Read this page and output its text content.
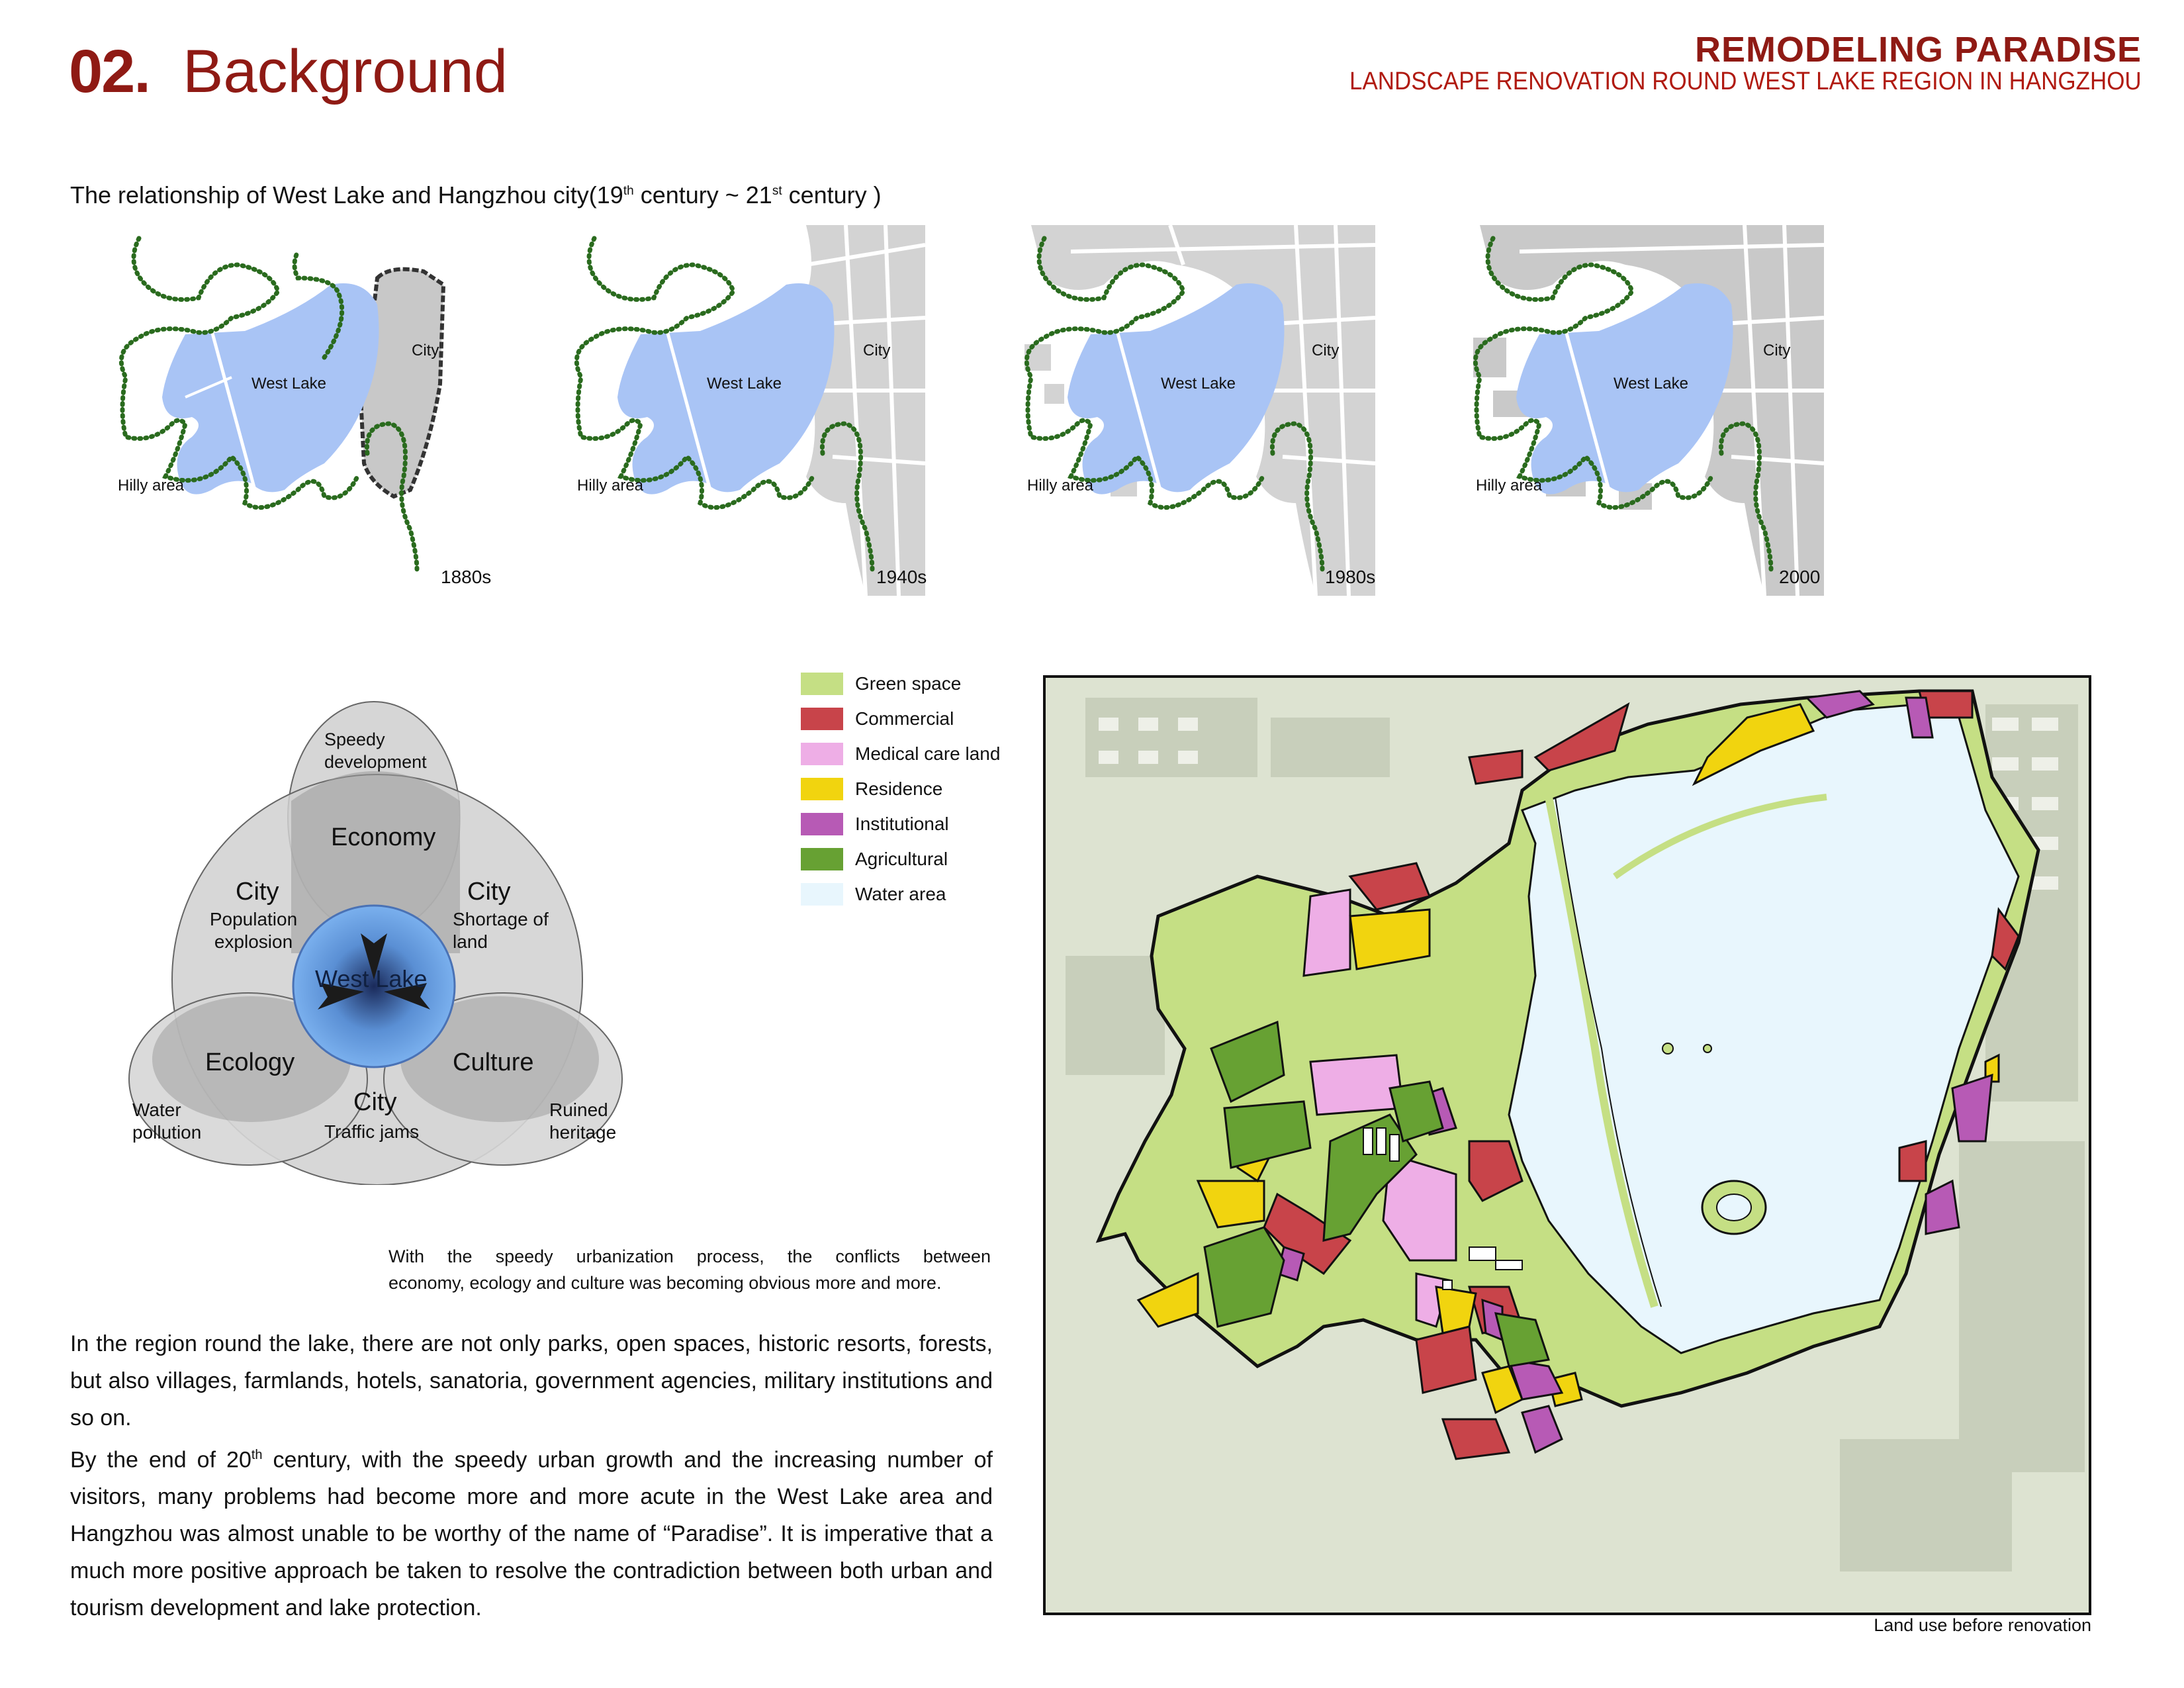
02. Background	REMODELING PARADISE
LANDSCAPE RENOVATION ROUND WEST LAKE REGION IN HANGZHOU
The relationship of West Lake and Hangzhou city(19th century ~ 21st century )
West Lake
City
Hilly area
1880s
West Lake
City
Hilly area
1940s
West Lake
City
Hilly area
1980s
West Lake
City
Hilly area
2000
Speedy development
Economy
City
Population explosion
City
Shortage of land
West Lake
Ecology	Culture
City
Traffic jams
Water pollution
Ruined heritage
With the speedy urbanization process, the conflicts between
economy, ecology and culture was becoming obvious more and more.
In the region round the lake, there are not only parks, open spaces, historic resorts, forests, but also villages, farmlands, hotels, sanatoria, government agencies, military institutions and so on.
By the end of 20th century, with the speedy urban growth and the increasing number of visitors, many problems had become more and more acute in the West Lake area and Hangzhou was almost unable to be worthy of the name of “Paradise”. It is imperative that a much more positive approach be taken to resolve the contradiction between both urban and tourism development and lake protection.
Green space
Commercial
Medical care land
Residence
Institutional
Agricultural
Water area
Land use before renovation
